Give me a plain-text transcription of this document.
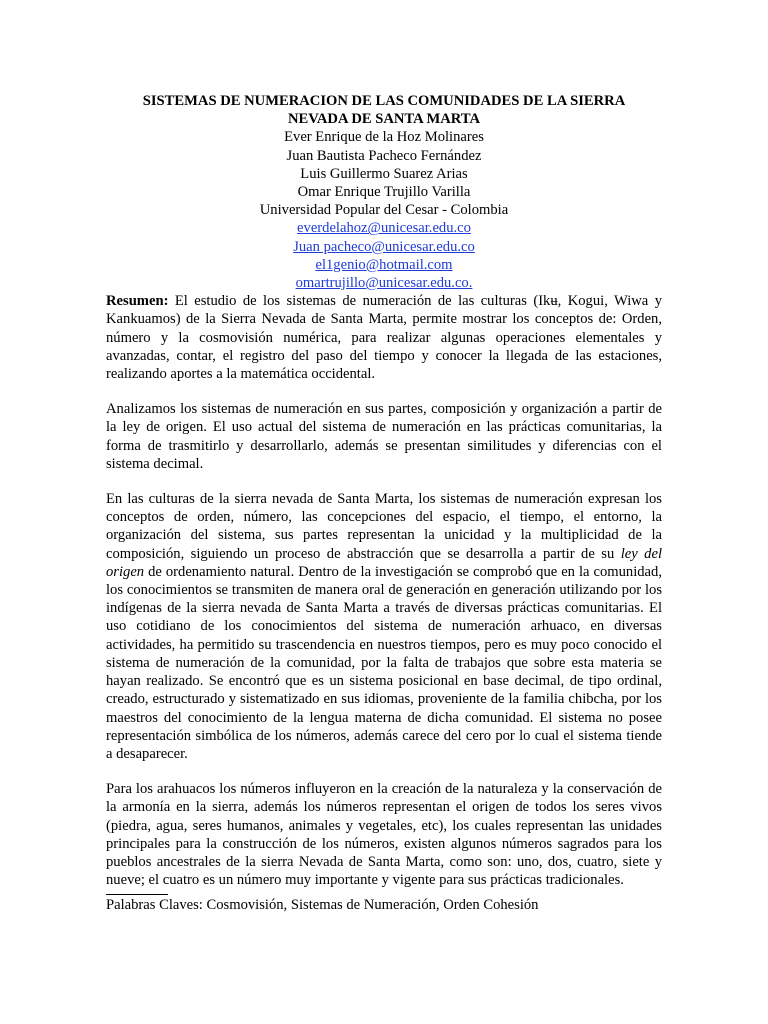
SISTEMAS DE NUMERACION DE LAS COMUNIDADES DE LA SIERRA

NEVADA DE SANTA MARTA

Ever Enrique de la Hoz Molinares

Juan Bautista Pacheco Fernández

Luis Guillermo Suarez Arias

Omar Enrique Trujillo Varilla

Universidad Popular del Cesar - Colombia

everdelahoz@unicesar.edu.co

Juan pacheco@unicesar.edu.co

el1genio@hotmail.com

omartrujillo@unicesar.edu.co.

Resumen: El estudio de los sistemas de numeración de las culturas (Ikʉ, Kogui, Wiwa y Kankuamos) de la Sierra Nevada de Santa Marta, permite mostrar los conceptos de: Orden, número y la cosmovisión numérica, para realizar algunas operaciones elementales y avanzadas, contar, el registro del paso del tiempo y conocer la llegada de las estaciones, realizando aportes a la matemática occidental.

Analizamos los sistemas de numeración en sus partes, composición y organización a partir de la ley de origen. El uso actual del sistema de numeración en las prácticas comunitarias, la forma de trasmitirlo y desarrollarlo, además se presentan similitudes y diferencias con el sistema decimal.

En las culturas de la sierra nevada de Santa Marta, los sistemas de numeración expresan los conceptos de orden, número, las concepciones del espacio, el tiempo, el entorno, la organización del sistema, sus partes representan la unicidad y la multiplicidad de la composición, siguiendo un proceso de abstracción que se desarrolla a partir de su ley del origen de ordenamiento natural. Dentro de la investigación se comprobó que en la comunidad, los conocimientos se transmiten de manera oral de generación en generación utilizando por los indígenas de la sierra nevada de Santa Marta a través de diversas prácticas comunitarias. El uso cotidiano de los conocimientos del sistema de numeración arhuaco, en diversas actividades, ha permitido su trascendencia en nuestros tiempos, pero es muy poco conocido el sistema de numeración de la comunidad, por la falta de trabajos que sobre esta materia se hayan realizado. Se encontró que es un sistema posicional en base decimal, de tipo ordinal, creado, estructurado y sistematizado en sus idiomas, proveniente de la familia chibcha, por los maestros del conocimiento de la lengua materna de dicha comunidad. El sistema no posee representación simbólica de los números, además carece del cero por lo cual el sistema tiende a desaparecer.

Para los arahuacos los números influyeron en la creación de la naturaleza y la conservación de la armonía en la sierra, además los números representan el origen de todos los seres vivos (piedra, agua, seres humanos, animales y vegetales, etc), los cuales representan las unidades principales para la construcción de los números, existen algunos números sagrados para los pueblos ancestrales de la sierra Nevada de Santa Marta, como son: uno, dos, cuatro, siete y nueve; el cuatro es un número muy importante y vigente para sus prácticas tradicionales.

Palabras Claves: Cosmovisión, Sistemas de Numeración, Orden Cohesión
